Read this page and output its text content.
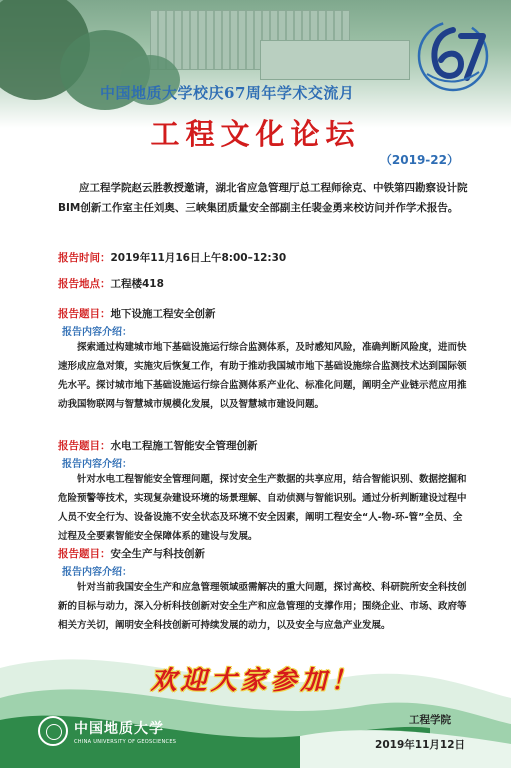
中国地质大学校庆67周年学术交流月
工程文化论坛
（2019-22）
应工程学院赵云胜教授邀请，湖北省应急管理厅总工程师徐克、中铁第四勘察设计院BIM创新工作室主任刘奥、三峡集团质量安全部副主任裴金勇来校访问并作学术报告。
报告时间：2019年11月16日上午8:00–12:30
报告地点：工程楼418
报告题目：地下设施工程安全创新
报告内容介绍：
探索通过构建城市地下基础设施运行综合监测体系，及时感知风险，准确判断风险度，进而快速形成应急对策，实施灾后恢复工作，有助于推动我国城市地下基础设施综合监测技术达到国际领先水平。探讨城市地下基础设施运行综合监测体系产业化、标准化问题，阐明全产业链示范应用推动我国物联网与智慧城市规模化发展，以及智慧城市建设问题。
报告题目：水电工程施工智能安全管理创新
报告内容介绍：
针对水电工程智能安全管理问题，探讨安全生产数据的共享应用，结合智能识别、数据挖掘和危险预警等技术，实现复杂建设环境的场景理解、自动侦测与智能识别。通过分析判断建设过程中人员不安全行为、设备设施不安全状态及环境不安全因素，阐明工程安全“人-物-环-管”全员、全过程及全要素智能安全保障体系的建设与发展。
报告题目：安全生产与科技创新
报告内容介绍：
针对当前我国安全生产和应急管理领域亟需解决的重大问题，探讨高校、科研院所安全科技创新的目标与动力，深入分析科技创新对安全生产和应急管理的支撑作用；围绕企业、市场、政府等相关方关切，阐明安全科技创新可持续发展的动力，以及安全与应急产业发展。
欢迎大家参加！
中国地质大学
CHINA UNIVERSITY OF GEOSCIENCES
工程学院
2019年11月12日
